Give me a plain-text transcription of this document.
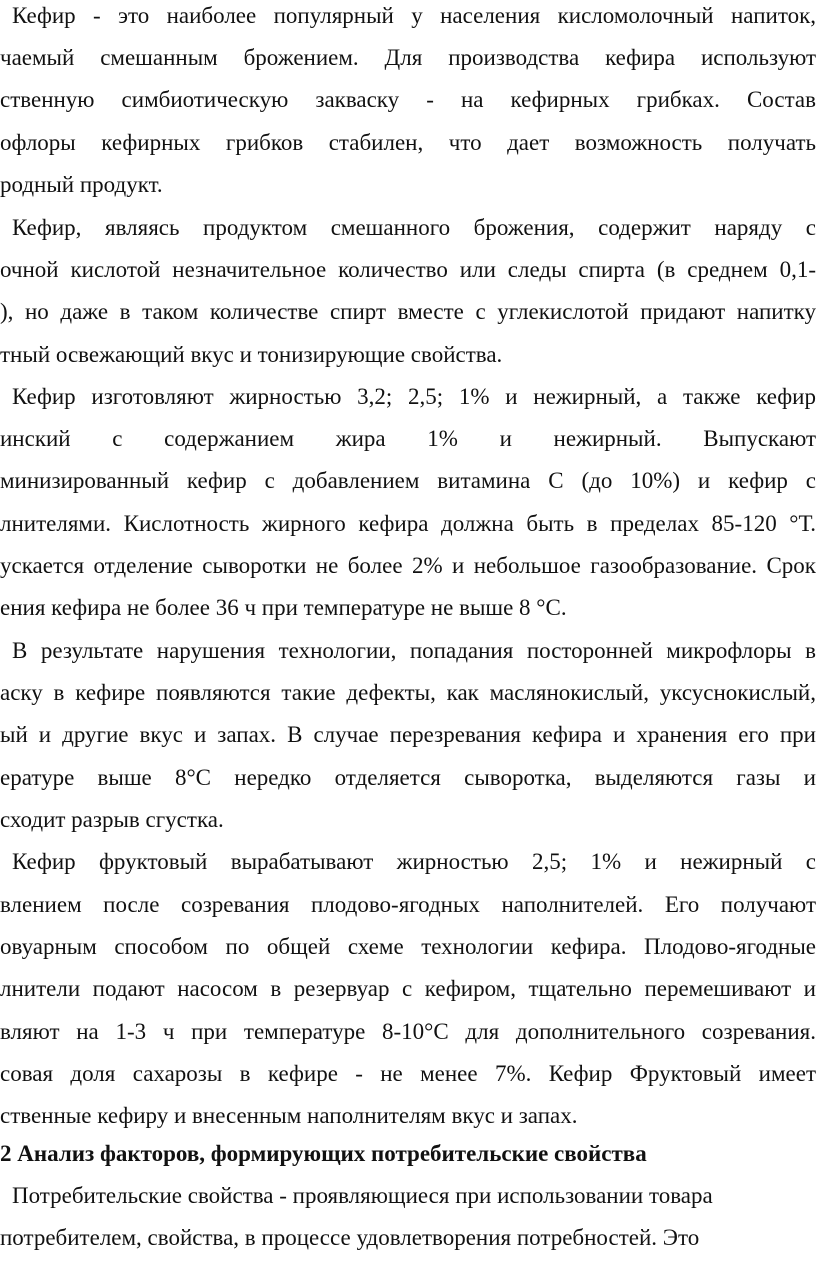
Кефир - это наиболее популярный у населения кисломолочный напиток,
чаемый смешанным брожением. Для производства кефира используют
ственную симбиотическую закваску - на кефирных грибках. Состав
офлоры кефирных грибков стабилен, что дает возможность получать
родный продукт.
Кефир, являясь продуктом смешанного брожения, содержит наряду с
очной кислотой незначительное количество или следы спирта (в среднем 0,1-
), но даже в таком количестве спирт вместе с углекислотой придают напитку
тный освежающий вкус и тонизирующие свойства.
Кефир изготовляют жирностью 3,2; 2,5; 1% и нежирный, а также кефир
инский с содержанием жира 1% и нежирный. Выпускают
минизированный кефир с добавлением витамина С (до 10%) и кефир с
лнителями. Кислотность жирного кефира должна быть в пределах 85-120 °Т.
ускается отделение сыворотки не более 2% и небольшое газообразование. Срок
ения кефира не более 36 ч при температуре не выше 8 °С.
В результате нарушения технологии, попадания посторонней микрофлоры в
аску в кефире появляются такие дефекты, как маслянокислый, уксуснокислый,
ый и другие вкус и запах. В случае перезревания кефира и хранения его при
ературе выше 8°С нередко отделяется сыворотка, выделяются газы и
сходит разрыв сгустка.
Кефир фруктовый вырабатывают жирностью 2,5; 1% и нежирный с
влением после созревания плодово-ягодных наполнителей. Его получают
овуарным способом по общей схеме технологии кефира. Плодово-ягодные
лнители подают насосом в резервуар с кефиром, тщательно перемешивают и
вляют на 1-3 ч при температуре 8-10°С для дополнительного созревания.
совая доля сахарозы в кефире - не менее 7%. Кефир Фруктовый имеет
ственные кефиру и внесенным наполнителям вкус и запах.
2 Анализ факторов, формирующих потребительские свойства
Потребительские свойства - проявляющиеся при использовании товара
потребителем, свойства, в процессе удовлетворения потребностей. Это
